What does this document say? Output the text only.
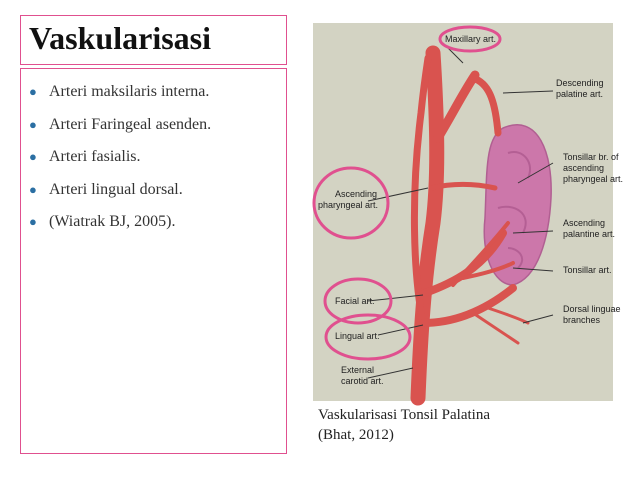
Vaskularisasi
● Arteri maksilaris interna.
● Arteri Faringeal asenden.
● Arteri fasialis.
● Arteri lingual dorsal.
● (Wiatrak BJ, 2005).
Maxillary art.
Descending
palatine art.
Tonsillar br. of
ascending
pharyngeal art.
Ascending
pharyngeal art.
Ascending
palantine art.
Tonsillar art.
Facial art.
Dorsal linguae
branches
Lingual art.
External
carotid art.
Vaskularisasi Tonsil Palatina
(Bhat, 2012)
